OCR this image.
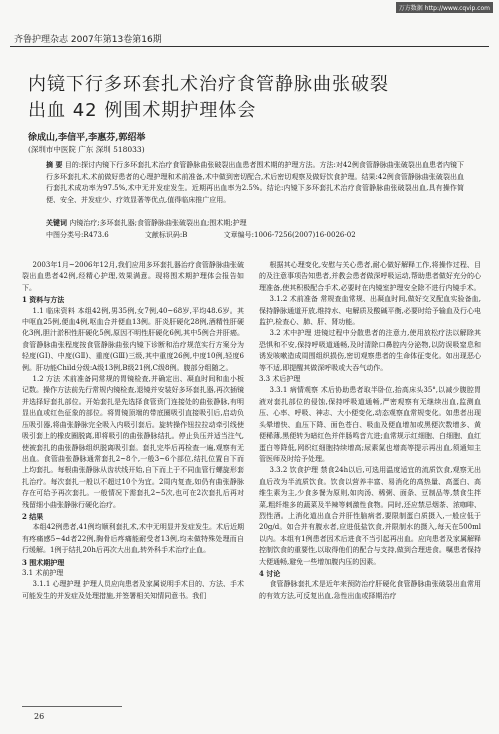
万方数据 http://www.cqvip.com
齐鲁护理杂志 2007年第13卷第16期
内镜下行多环套扎术治疗食管静脉曲张破裂
出血 42 例围术期护理体会
徐成山,李信平,李惠芬,郭绍举
(深圳市中医院 广东 深圳 518033)
摘 要 目的:探讨内镜下行多环套扎术治疗食管静脉曲张破裂出血患者围术期的护理方法。方法:对42例食管静脉曲张破裂出血患者内镜下行多环套扎术,术前做好患者的心理护理和术前准备,术中做到密切配合,术后密切观察及做好饮食护理。结果:42例食管静脉曲张破裂出血行套扎术成功率为97.5%,术中无并发症发生。近期再出血率为2.5%。结论:内镜下多环套扎术治疗食管静脉曲张破裂出血,具有操作简便、安全、并发症少、疗效显著等优点,值得临床推广应用。
关键词 内镜治疗;多环套扎器;食管静脉曲张破裂出血;围术期;护理
中图分类号:R473.6	文献标识码:B	文章编号:1006-7256(2007)16-0026-02

2003年1月~2006年12月,我们应用多环套扎器治疗食管静脉曲张破裂出血患者42例,经精心护理,效果满意。现将围术期护理体会报告如下。

1 资料与方法

1.1 临床资料 本组42例,男35例,女7例,40~68岁,平均48.6岁。其中呕血25例,便血4例,呕血合并便血13例。肝炎肝硬化28例,酒精性肝硬化3例,胆汁淤积性肝硬化5例,原因不明性肝硬化6例,其中5例合并肝癌。食管静脉曲张程度按食管静脉曲张内镜下诊断和治疗规范实行方案分为轻度(GⅠ)、中度(GⅡ)、重度(GⅢ)三级,其中重度26例,中度10例,轻度6例。肝功能Child分级:A级13例,B级21例,C级8例。腹部分组随之。

1.2 方法 术前准备同常规的胃镜检查,并确定出、凝血时间和血小板记数。操作方法前先行常规内镜检查,退镜并安装好多环套扎器,再次插镜并选择好套扎部位。开始套扎是先选择食管贲门连接处的曲张静脉,有明显出血或红色征象的部位。将胃镜顶端的带底圈吸引直接吸引后,启动负压吸引器,将曲张静脉完全吸入内吸引套后。旋转操作钮拉拉动牵引线使吸引套上的橡皮圈脱离,即将吸引的曲张静脉结扎。停止负压并适当注气,使被套扎的曲张静脉组织脱离吸引套。套扎完毕后再检查一遍,观察有无出血。食管曲张静脉通常套扎2~8个,一般3~6个部位,结扎位置自下而上均套扎。每根曲张静脉从齿状线开始,自下而上于不同血管行螺旋形套扎治疗。每次套扎一般以不超过10个为宜。2周内复查,如仍有曲张静脉存在可给予再次套扎。一般情况下需套扎2~5次,也可在2次套扎后再对残留细小曲张静脉行硬化治疗。

2 结果

本组42例患者,41例均顺利套扎术,术中无明显并发症发生。术后近期有疼痛感5~4d者22例,胸骨后疼痛能耐受者13例,均未做特殊处理而自行缓解。1例于结扎20h后再次大出血,转外科手术治疗止血。

3 围术期护理
3.1 术前护理

3.1.1 心理护理 护理人员应向患者及家属说明手术目的、方法、手术可能发生的并发症及处理措施,并签署相关知情同意书。我们

根据其心理变化,安慰与关心患者,耐心做好解释工作,将操作过程、目的及注意事项告知患者,并教会患者做深呼吸运动,帮助患者做好充分的心理准备,使其积极配合手术,必要时在内镜室护理安全除不进行内镜手术。

3.1.2 术前准备 常规查血常规、出凝血时间,做好交叉配血实验备血,保持静脉通道开放,维持水、电解质及酸碱平衡,必要时给予输血及行心电监护,检查心、肺、肝、肾功能。

3.2 术中护理 进镜过程中分散患者的注意力,使用放松疗法以解除其恐惧和不安,保持呼吸道通畅,及时清除口鼻腔内分泌物,以防误吸窒息和诱发咳嗽造成周围组织损伤,密切观察患者的生命体征变化。如出现恶心等不适,即提醒其做深呼吸或大吞气动作。

3.3 术后护理

3.3.1 病情观察 术后协助患者取半卧位,抬高床头35°,以减少腹腔胃液对套扎部位的侵蚀,保持呼吸道通畅,严密观察有无继续出血,监测血压、心率、呼吸、神志、大小便变化,动态观察血常规变化。如患者出现头晕增快、血压下降、面色苍白、吸血及便血增加或黑便次数增多、黄便稀薄,黑便转为暗红色并伴肠鸣音亢进;血常规示红细胞、白细胞、血红蛋白等降低,网织红细胞持续增高;尿素氮也增高等提示再出血,须通知主管医师及时给予处理。

3.3.2 饮食护理 禁食24h以后,可选用温度适宜的流质饮食,观察无出血后改为半流质饮食。饮食以营养丰富、易消化的高热量、高蛋白、高维生素为主,少食多餐为原则,如肉汤、稀粥、面条、豆制品等,禁食生拌菜,粗纤维多的蔬菜及半辣等刺激性食物。同时,还应禁忌烟茶、浓咖啡、烈性酒。上消化道出血合并肝性脑病者,要限制蛋白质摄入,一般应低于20g/d。如合并有腹水者,应进低盐饮食,并限制水的摄入,每天在500ml以内。本组有1例患者因术后进食不当引起再出血。应向患者及家属解释控制饮食的重要性,以取得他们的配合与支持,做到合理进食。嘱患者保持大便通畅,避免一些增加腹内压的因素。

4 讨论

食管静脉套扎术是近年来预防治疗肝硬化食管静脉曲张破裂出血常用的有效方法,可反复出血,急性出血或择期治疗

26
